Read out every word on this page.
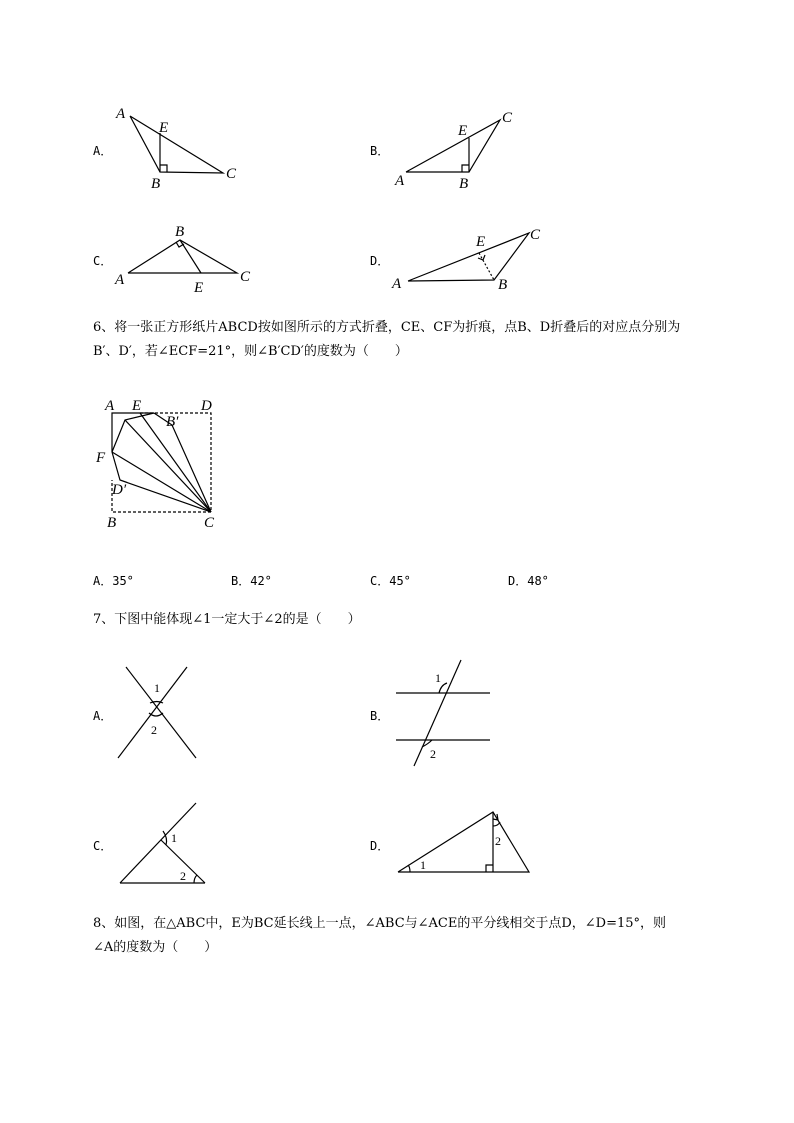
A．
A
E
B
C
B．
E
C
A	B
C．
B
A	E
C
D．
E	C
A	B
6、将一张正方形纸片ABCD按如图所示的方式折叠，CE、CF为折痕，点B、D折叠后的对应点分别为
B′、D′，若∠ECF=21°，则∠B′CD′的度数为（　　）
A E	D
B′
F
D′
B	C
A．35°	B．42°	C．45°	D．48°
7、下图中能体现∠1一定大于∠2的是（　　）
A．
1
2
B．
1
2
C．
1
2
D．
1
2
8、如图，在△ABC中，E为BC延长线上一点，∠ABC与∠ACE的平分线相交于点D，∠D=15°，则
∠A的度数为（　　）
